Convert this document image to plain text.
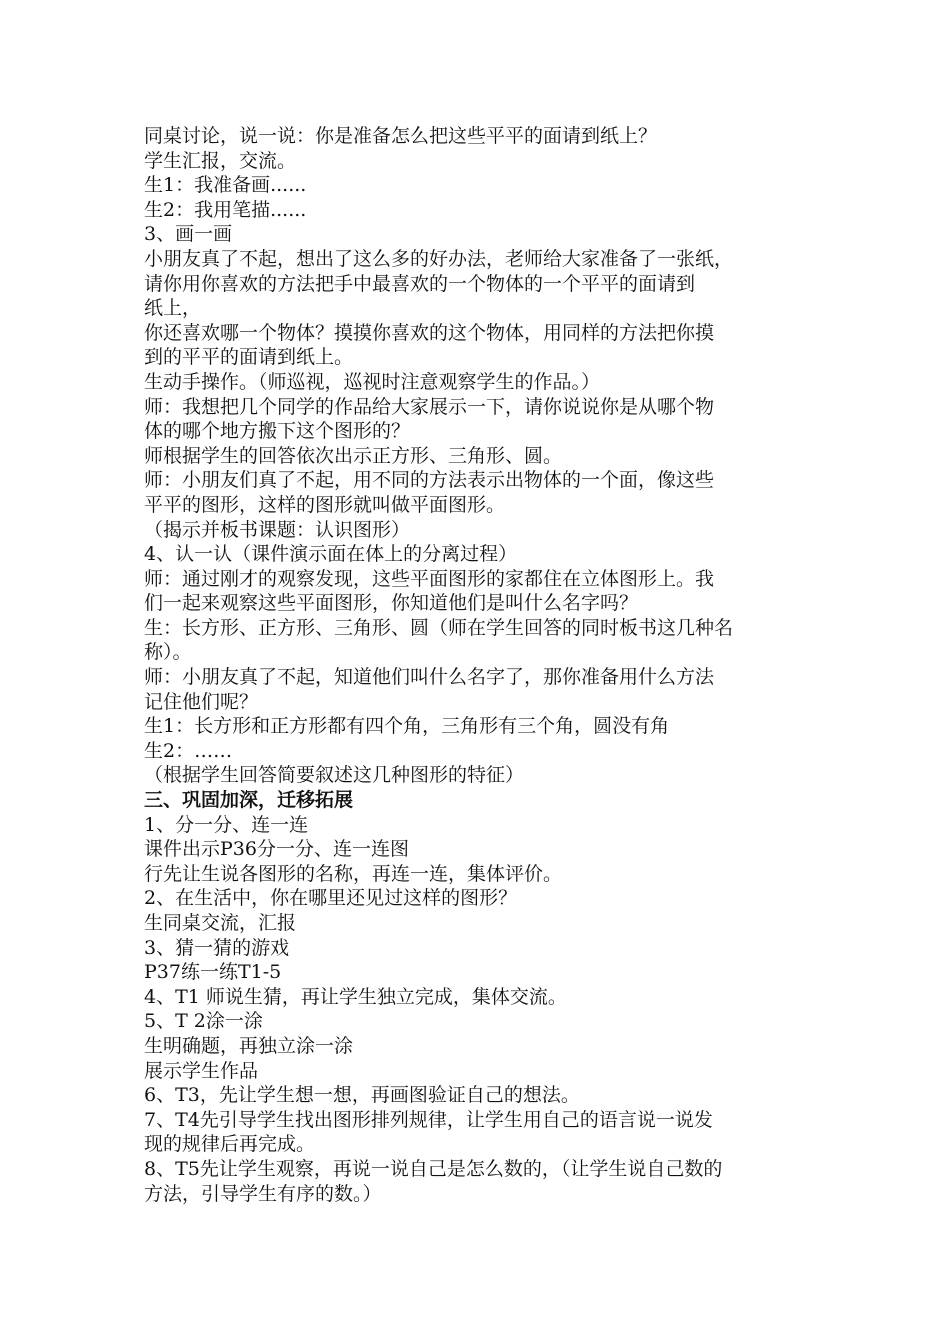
同桌讨论，说一说：你是准备怎么把这些平平的面请到纸上？
学生汇报，交流。
生1：我准备画......
生2：我用笔描......
3、画一画
小朋友真了不起，想出了这么多的好办法，老师给大家准备了一张纸，
请你用你喜欢的方法把手中最喜欢的一个物体的一个平平的面请到
纸上，
你还喜欢哪一个物体？摸摸你喜欢的这个物体，用同样的方法把你摸
到的平平的面请到纸上。
生动手操作。（师巡视，巡视时注意观察学生的作品。）
师：我想把几个同学的作品给大家展示一下，请你说说你是从哪个物
体的哪个地方搬下这个图形的？
师根据学生的回答依次出示正方形、三角形、圆。
师：小朋友们真了不起，用不同的方法表示出物体的一个面，像这些
平平的图形，这样的图形就叫做平面图形。
（揭示并板书课题：认识图形）
4、认一认（课件演示面在体上的分离过程）
师：通过刚才的观察发现，这些平面图形的家都住在立体图形上。我
们一起来观察这些平面图形，你知道他们是叫什么名字吗？
生：长方形、正方形、三角形、圆（师在学生回答的同时板书这几种名
称）。
师：小朋友真了不起，知道他们叫什么名字了，那你准备用什么方法
记住他们呢？
生1：长方形和正方形都有四个角，三角形有三个角，圆没有角
生2：……
（根据学生回答简要叙述这几种图形的特征）
三、巩固加深，迁移拓展
1、分一分、连一连
课件出示P36分一分、连一连图
行先让生说各图形的名称，再连一连，集体评价。
2、在生活中，你在哪里还见过这样的图形？
生同桌交流，汇报
3、猜一猜的游戏
P37练一练T1-5
4、T1 师说生猜，再让学生独立完成，集体交流。
5、T 2涂一涂
生明确题，再独立涂一涂
展示学生作品
6、T3，先让学生想一想，再画图验证自己的想法。
7、T4先引导学生找出图形排列规律，让学生用自己的语言说一说发
现的规律后再完成。
8、T5先让学生观察，再说一说自己是怎么数的，（让学生说自己数的
方法，引导学生有序的数。）
